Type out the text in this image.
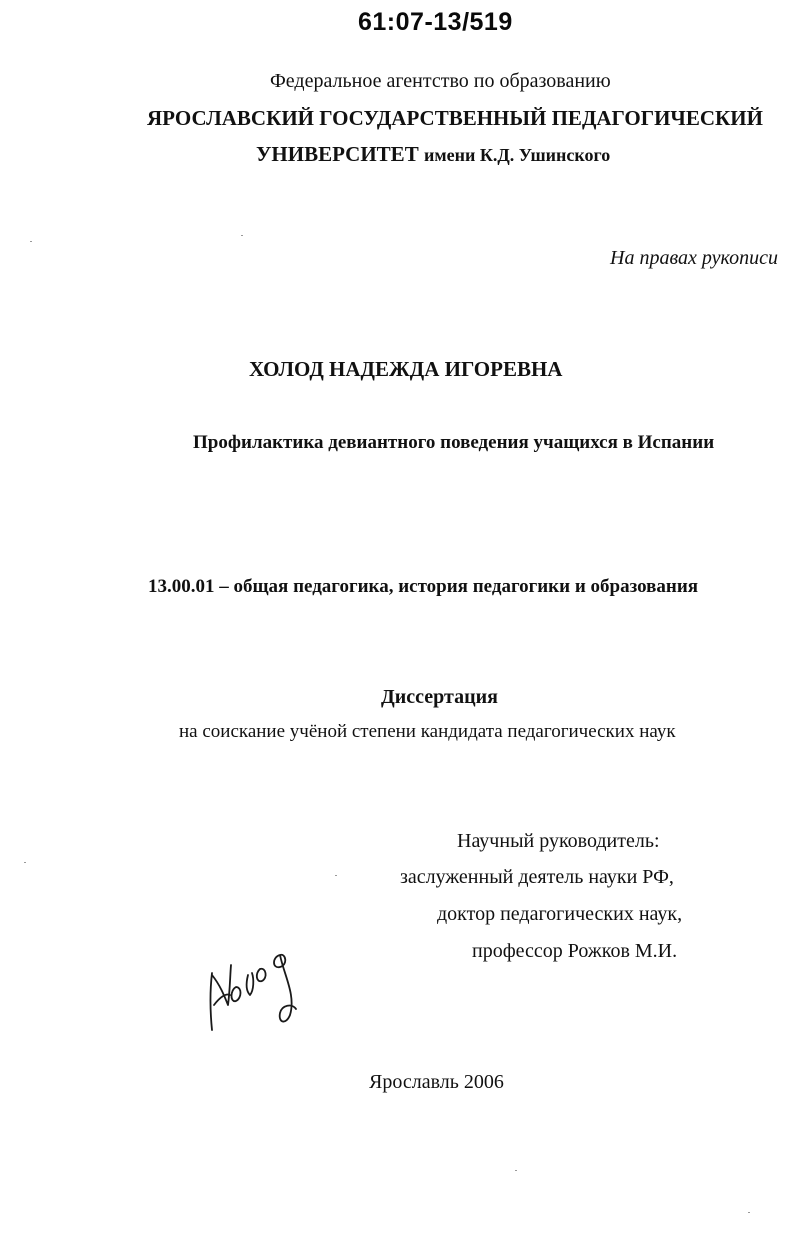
61:07-13/519
Федеральное агентство по образованию
ЯРОСЛАВСКИЙ ГОСУДАРСТВЕННЫЙ ПЕДАГОГИЧЕСКИЙ
УНИВЕРСИТЕТ имени К.Д. Ушинского
На правах рукописи
ХОЛОД НАДЕЖДА ИГОРЕВНА
Профилактика девиантного поведения учащихся в Испании
13.00.01 – общая педагогика, история педагогики и образования
Диссертация
на соискание учёной степени кандидата педагогических наук
Научный руководитель:
заслуженный деятель науки РФ,
доктор педагогических наук,
профессор Рожков М.И.
Ярославль 2006
